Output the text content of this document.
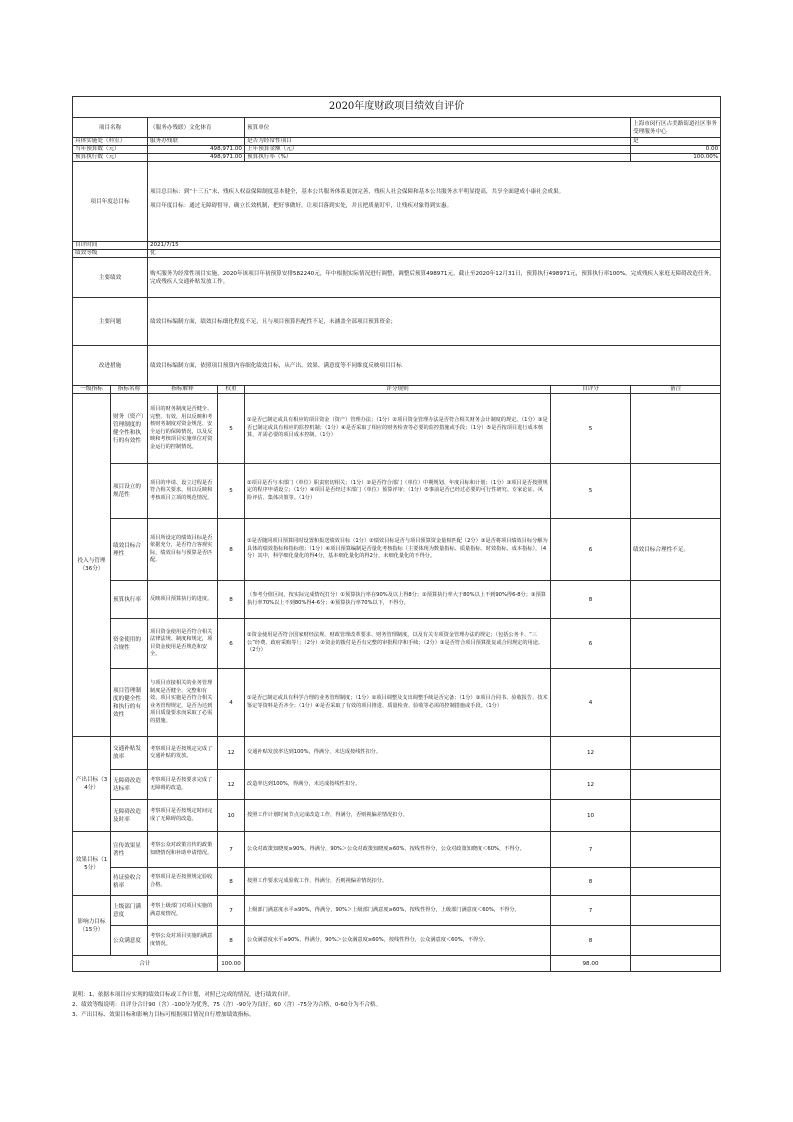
2020年度财政项目绩效自评价						
项目名称		（服务办残联）文化体育		预算单位		上海市闵行区古美路街道社区事务受理服务中心
具体实施处（科室）		服务办残联		是否为经常性项目		是
当年预算数（元）		498,971.00		上年预算金额（元）		0.00
预算执行数（元）		498,971.00		预算执行率（%）		100.00%
项目年度总目标		项目总目标：到“十三五”末，残疾人权益保障制度基本健全，基本公共服务体系更加完善，残疾人社会保障和基本公共服务水平明显提高，共享全面建成小康社会成果。

项目年度目标：通过无障碍督导，确立长效机制，把好事做好，让项目落到实处，并且把质量盯牢，让残疾对象得到实惠。				

自评时间		2021/7/15				
绩效等级		优				
主要绩效		购买服务为经常性项目实施，2020年该项目年初预算安排582240元，年中根据实际情况进行调整，调整后预算498971元，截止至2020年12月31日，预算执行498971元，预算执行率100%。完成残疾人家庭无障碍改造任务，完成残疾人交通补贴发放工作。				
主要问题		绩效目标编制方面，绩效目标细化程度不足，且与项目预算匹配性不足，未涵盖全部项目预算资金；				
改进措施		绩效目标编制方面，依照项目预算内容细化绩效目标，从产出、效果、满意度等不同维度反映项目目标				
一级指标	指标名称	指标解释	权重	评分规则	自评分	备注
投入与管理（36分）	财务（资产）管理制度的健全性和执行的有效性	项目的财务制度是否健全、完整、有效，用以反映和考核财务制度对资金规范、安全运行的保障情况，以及反映和考核项目实施单位对资金运行的控制情况。	5	①是否已制定或具有相应的项目资金（资产）管理办法；（1分）②项目资金管理办法是否符合相关财务会计制度的规定。（1分）③是否已制定或具有相应的监控机制；（1分）④是否采取了相应的财务检查等必要的监控措施或手段；（1分）⑤是否按项目进行成本核算，并需必要的项目成本控制。（1分）	5	
	项目设立的规范性	项目的申请、设立过程是否符合相关要求，用以反映和考核项目立项的规范情况。	5	①项目是否与本部门（单位）职责密切相关；（1分）②是否符合部门（单位）中期规划、年度目标和计划；（1分）③项目是否按照规定的程序申请设立；（1分）④项目是否经过本部门（单位）预算评审；（1分）⑤事前是否已经过必要的可行性研究、专家论证、风险评估、集体决策等。（1分）	5	
	绩效目标合理性	项目所设定的绩效目标是否依据充分，是否符合客观实际，绩效目标与预算是否匹配。	8	①是否随同项目预算同时设置和报送绩效目标（1分）②绩效目标是否与项目预算资金量相匹配（2分）③是否将项目绩效目标分解为具体的绩效指标和指标值；（1分）④项目预算编制是否量化考核指标（主要体现为数量指标、质量指标、时效指标、成本指标），（4分）其中，科学细化量化的得4分，基本细化量化的得2分，未细化量化的不得分。	6	绩效目标合理性不足。
	预算执行率	反映项目预算执行的进度。	8	（参考分值区间，按实际完成情况打分）①预算执行率在90%及以上得8分；②预算执行率大于80%以上不到90%得6-8分；③预算执行率70%以上不到80%得4-6分；④预算执行率70%以下，不得分。	8	
	资金使用的合规性	项目资金使用是否符合相关法律法规、制度和规定，项目资金使用是否规范和安全。	6	①资金使用是否符合国家财经法规、财政管理改革要求、财务管理制度，以及有关专项资金管理办法的规定；（包括公务卡、“三公”经费、政府采购等）；（2分）②资金的拨付是否有完整的审批程序和手续；（2分）③是否符合项目预算批复或合同规定的用途。（2分）	6	
	项目管理制度的健全性和执行的有效性	与项目直接相关的业务管理制度是否健全、完整和有效，项目实施是否符合相关业务管理规定，是否为达到项目质量要求而采取了必需的措施。	4	①是否已制定或具有科学合理的业务管理制度；（1分）②项目调整及支出调整手续是否完备；（1分）③项目合同书、验收报告、技术鉴定等资料是否齐全；（1分）④是否采取了有效的项目推进、质量检查、验收等必需的控制措施或手段。（1分）	4	
产出目标（34分）	交通补贴发放率	考察项目是否按规定完成了交通补贴的发放。	12	交通补贴发放率达到100%，得满分，未达成按线性扣分。	12	
	无障碍改造达标率	考察项目是否按要求完成了无障碍的改造。	12	改造率达到100%，得满分，未达成按线性扣分。	12	
	无障碍改造及时率	考察项目是否按规定时间完成了无障碍的改造。	10	按照工作计划时间节点完成改造工作，得满分，否则视偏差情况扣分。	10	
效果目标（15分）	宣传效果显著性	考察公众对政策宣传的政策知晓情况和补助申请情况。	7	公众对政策知晓度≥90%，得满分，90%＞公众对政策知晓度≥60%，按线性得分，公众对政策知晓度＜60%，不得分。	7	
	持证验收合格率	考察项目是否按照规定验收合格。	8	按照工作要求完成验收工作，得满分，否则视偏差情况扣分。	8	
影响力目标（15分）	上级部门满意度	考察上级部门对项目实施的满意度情况。	7	上级部门满意度水平≥90%，得满分，90%＞上级部门满意度≥60%，按线性得分，上级部门满意度＜60%，不得分。	7	
	公众满意度	考察公众对项目实施的满意度情况。	8	公众满意度水平≥90%，得满分，90%＞公众满意度≥60%，按线性得分，公众满意度＜60%，不得分。	8	
合计			100.00		98.00	
说明：1、依据本项目应实现的绩效目标或工作计划，对照已完成的情况，进行绩效自评。
2、绩效等级说明：自评分合计90（含）-100分为优秀，75（含）-90分为良好，60（含）-75分为合格，0-60分为不合格。
3、产出目标、效果目标和影响力目标可根据项目情况自行增加绩效指标。
